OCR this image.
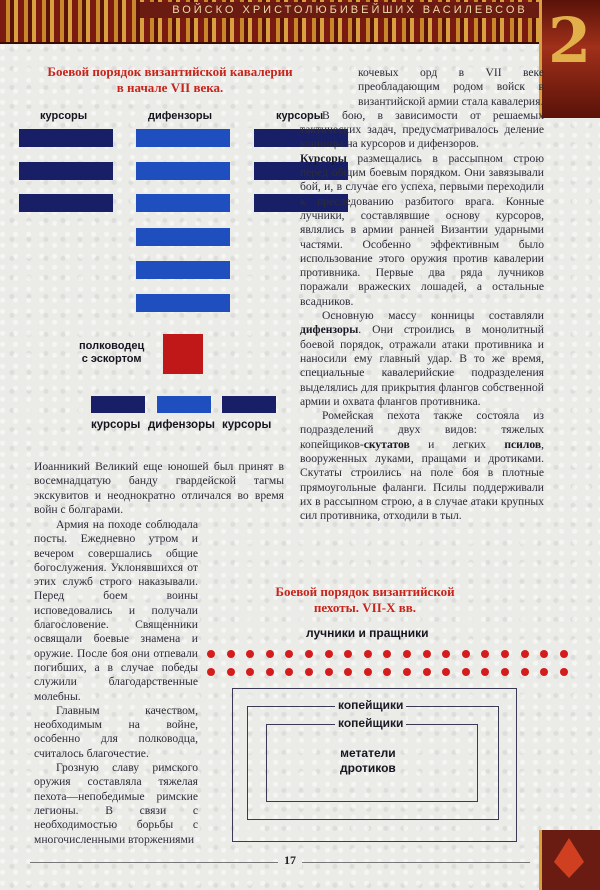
ВОЙСКО ХРИСТОЛЮБИВЕЙШИХ ВАСИЛЕВСОВ 2
Боевой порядок византийской кавалерии
в начале VII века.
курсоры	дифензоры	курсоры
полководец
с эскортом
курсоры дифензоры курсоры

кочевых орд в VII веке преобладающим родом войск в византийской армии стала кавалерия.

В бою, в зависимости от решаемых тактических задач, предусматривалось деление конницы на курсоров и дифензоров.

Курсоры размещались в рассыпном строю перед общим боевым порядком. Они завязывали бой, и, в случае его успеха, первыми переходили к преследованию разбитого врага. Конные лучники, составлявшие основу курсоров, являлись в армии ранней Византии ударными частями. Особенно эффективным было использование этого оружия против кавалерии противника. Первые два ряда лучников поражали вражеских лошадей, а остальные всадников.

Основную массу конницы составляли дифензоры. Они строились в монолитный боевой порядок, отражали атаки противника и наносили ему главный удар. В то же время, специальные кавалерийские подразделения выделялись для прикрытия флангов собственной армии и охвата флангов противника.

Ромейская пехота также состояла из подразделений двух видов: тяжелых копейщиков-скутатов и легких псилов, вооруженных луками, пращами и дротиками. Скутаты строились на поле боя в плотные прямоугольные фаланги. Псилы поддерживали их в рассыпном строю, а в случае атаки крупных сил противника, отходили в тыл.

Иоанникий Великий еще юношей был принят в восемнадцатую банду гвардейской тагмы экскувитов и неоднократно отличался во время войн с болгарами.

Армия на походе соблюдала посты. Ежедневно утром и вечером совершались общие богослужения. Уклонявшихся от этих служб строго наказывали. Перед боем воины исповедовались и получали благословение. Священники освящали боевые знамена и оружие. После боя они отпевали погибших, а в случае победы служили благодарственные молебны.

Главным качеством, необходимым на войне, особенно для полководца, считалось благочестие.

Грозную славу римского оружия составляла тяжелая пехота—непобедимые римские легионы. В связи с необходимостью борьбы с многочисленными вторжениями

Боевой порядок византийской
пехоты. VII-X вв.
лучники и пращники
копейщики
копейщики
метатели
дротиков
17
